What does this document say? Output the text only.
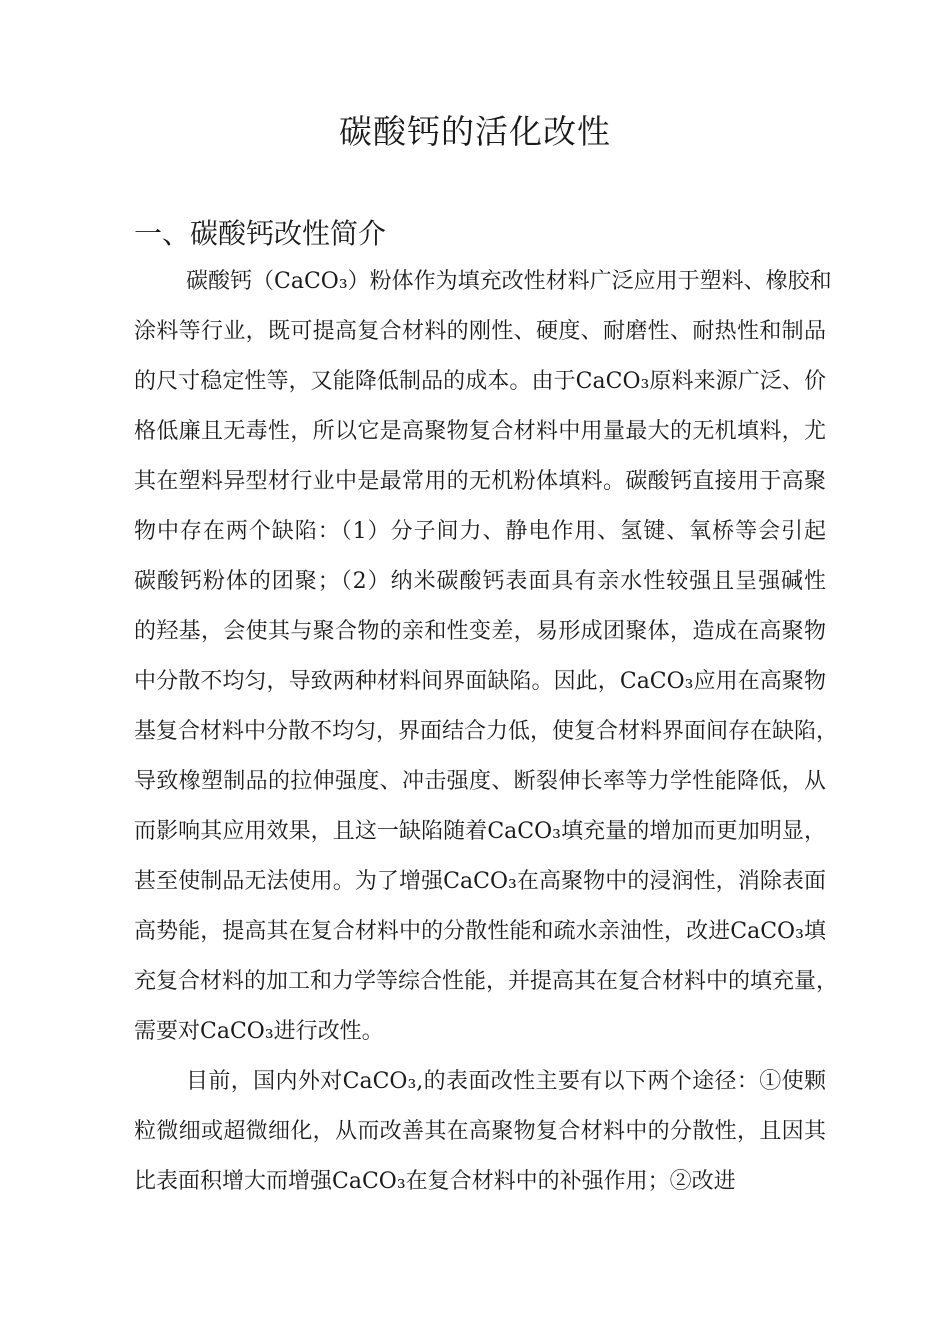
碳酸钙的活化改性
一、碳酸钙改性简介
碳酸钙（CaCO₃）粉体作为填充改性材料广泛应用于塑料、橡胶和
涂料等行业，既可提高复合材料的刚性、硬度、耐磨性、耐热性和制品
的尺寸稳定性等，又能降低制品的成本。由于CaCO₃原料来源广泛、价
格低廉且无毒性，所以它是高聚物复合材料中用量最大的无机填料，尤
其在塑料异型材行业中是最常用的无机粉体填料。碳酸钙直接用于高聚
物中存在两个缺陷：（1）分子间力、静电作用、氢键、氧桥等会引起
碳酸钙粉体的团聚；（2）纳米碳酸钙表面具有亲水性较强且呈强碱性
的羟基，会使其与聚合物的亲和性变差，易形成团聚体，造成在高聚物
中分散不均匀，导致两种材料间界面缺陷。因此，CaCO₃应用在高聚物
基复合材料中分散不均匀，界面结合力低，使复合材料界面间存在缺陷，
导致橡塑制品的拉伸强度、冲击强度、断裂伸长率等力学性能降低，从
而影响其应用效果，且这一缺陷随着CaCO₃填充量的增加而更加明显，
甚至使制品无法使用。为了增强CaCO₃在高聚物中的浸润性，消除表面
高势能，提高其在复合材料中的分散性能和疏水亲油性，改进CaCO₃填
充复合材料的加工和力学等综合性能，并提高其在复合材料中的填充量，
需要对CaCO₃进行改性。
目前，国内外对CaCO₃,的表面改性主要有以下两个途径：①使颗
粒微细或超微细化，从而改善其在高聚物复合材料中的分散性，且因其
比表面积增大而增强CaCO₃在复合材料中的补强作用；②改进
